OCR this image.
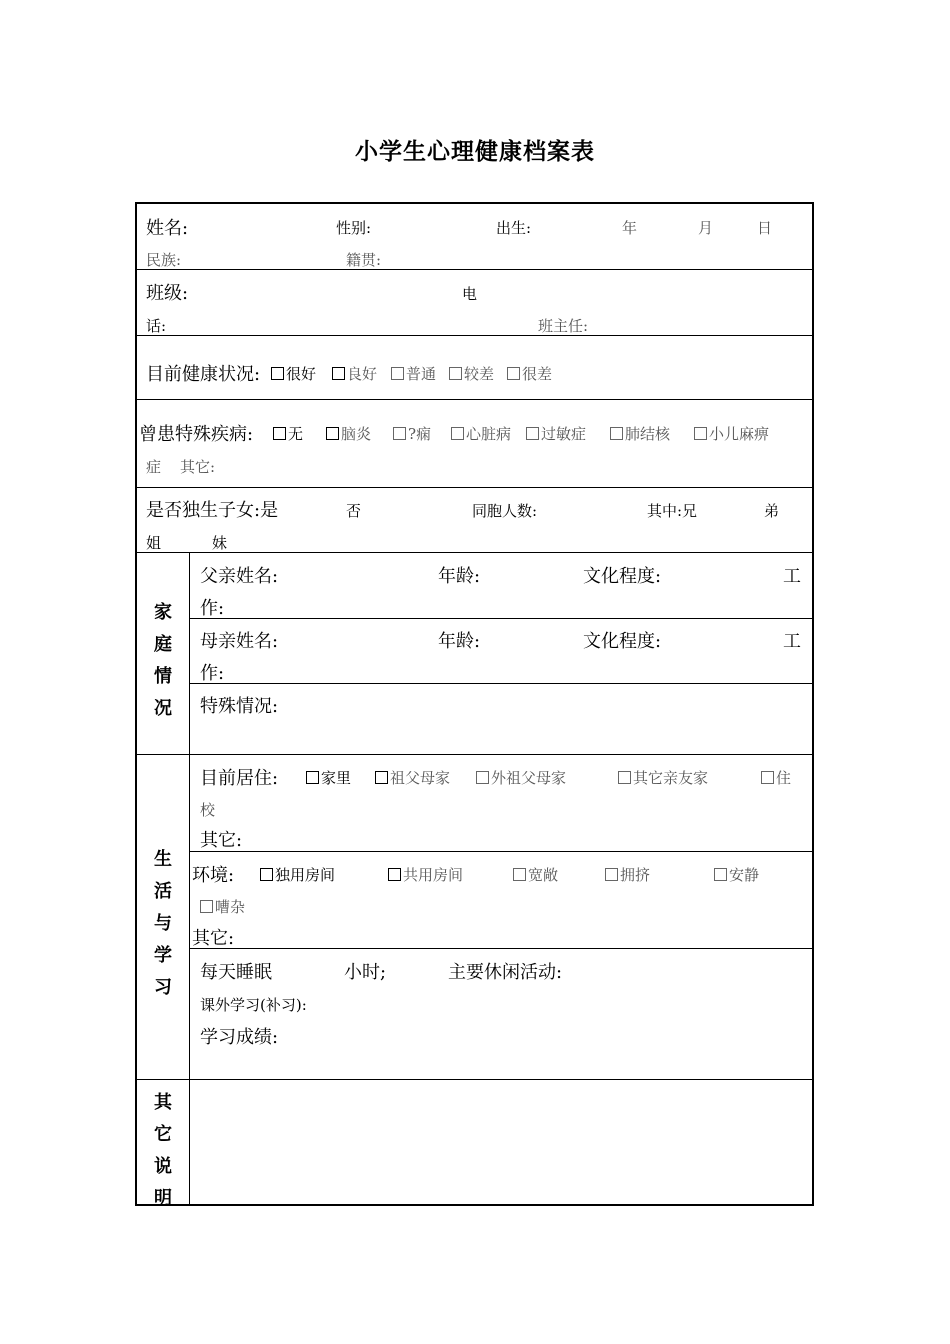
小学生心理健康档案表
姓名:	性别:	出生:	年	月	日
民族:	籍贯:
班级:	电
话:	班主任:
目前健康状况:	很好	良好	普通	较差	很差
曾患特殊疾病:	无	脑炎	?痫	心脏病	过敏症	肺结核	小儿麻痹
症 其它:
是否独生子女:是	否	同胞人数:	其中:兄	弟
姐	妹
家
庭
情
况
父亲姓名:	年龄:	文化程度:	工
作:
母亲姓名:	年龄:	文化程度:	工
作:
特殊情况:
生
活
与
学
习
目前居住:	家里	祖父母家	外祖父母家	其它亲友家	住
校
其它:
环境:	独用房间	共用房间	宽敞	拥挤	安静
嘈杂
其它:
每天睡眠	小时;	主要休闲活动:
课外学习(补习):
学习成绩:
其
它
说
明
